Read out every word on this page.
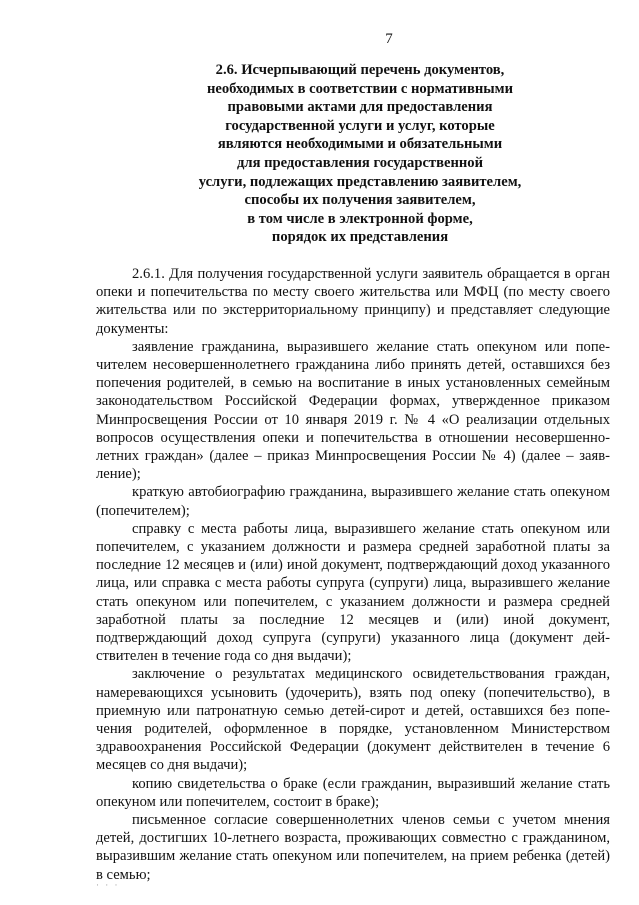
7
2.6. Исчерпывающий перечень документов,
необходимых в соответствии с нормативными
правовыми актами для предоставления
государственной услуги и услуг, которые
являются необходимыми и обязательными
для предоставления государственной
услуги, подлежащих представлению заявителем,
способы их получения заявителем,
в том числе в электронной форме,
порядок их представления

2.6.1. Для получения государственной услуги заявитель обращается в орган опеки и попечительства по месту своего жительства или МФЦ (по месту своего жительства или по экстерриториальному принципу) и представляет следующие документы:

заявление гражданина, выразившего желание стать опекуном или попечителем несовершеннолетнего гражданина либо принять детей, оставшихся без попечения родителей, в семью на воспитание в иных установленных семейным законодательством Российской Федерации формах, утвержденное приказом Минпросвещения России от 10 января 2019 г. № 4 «О реализации отдельных вопросов осуществления опеки и попечительства в отношении несовершеннолетних граждан» (далее – приказ Минпросвещения России № 4) (далее – заявление);

краткую автобиографию гражданина, выразившего желание стать опекуном (попечителем);

справку с места работы лица, выразившего желание стать опекуном или попечителем, с указанием должности и размера средней заработной платы за последние 12 месяцев и (или) иной документ, подтверждающий доход указанного лица, или справка с места работы супруга (супруги) лица, выразившего желание стать опекуном или попечителем, с указанием должности и размера средней заработной платы за последние 12 месяцев и (или) иной документ, подтверждающий доход супруга (супруги) указанного лица (документ действителен в течение года со дня выдачи);

заключение о результатах медицинского освидетельствования граждан, намеревающихся усыновить (удочерить), взять под опеку (попечительство), в приемную или патронатную семью детей-сирот и детей, оставшихся без попечения родителей, оформленное в порядке, установленном Министерством здравоохранения Российской Федерации (документ действителен в течение 6 месяцев со дня выдачи);

копию свидетельства о браке (если гражданин, выразивший желание стать опекуном или попечителем, состоит в браке);

письменное согласие совершеннолетних членов семьи с учетом мнения детей, достигших 10-летнего возраста, проживающих совместно с гражданином, выразившим желание стать опекуном или попечителем, на прием ребенка (детей) в семью;

· · ·
